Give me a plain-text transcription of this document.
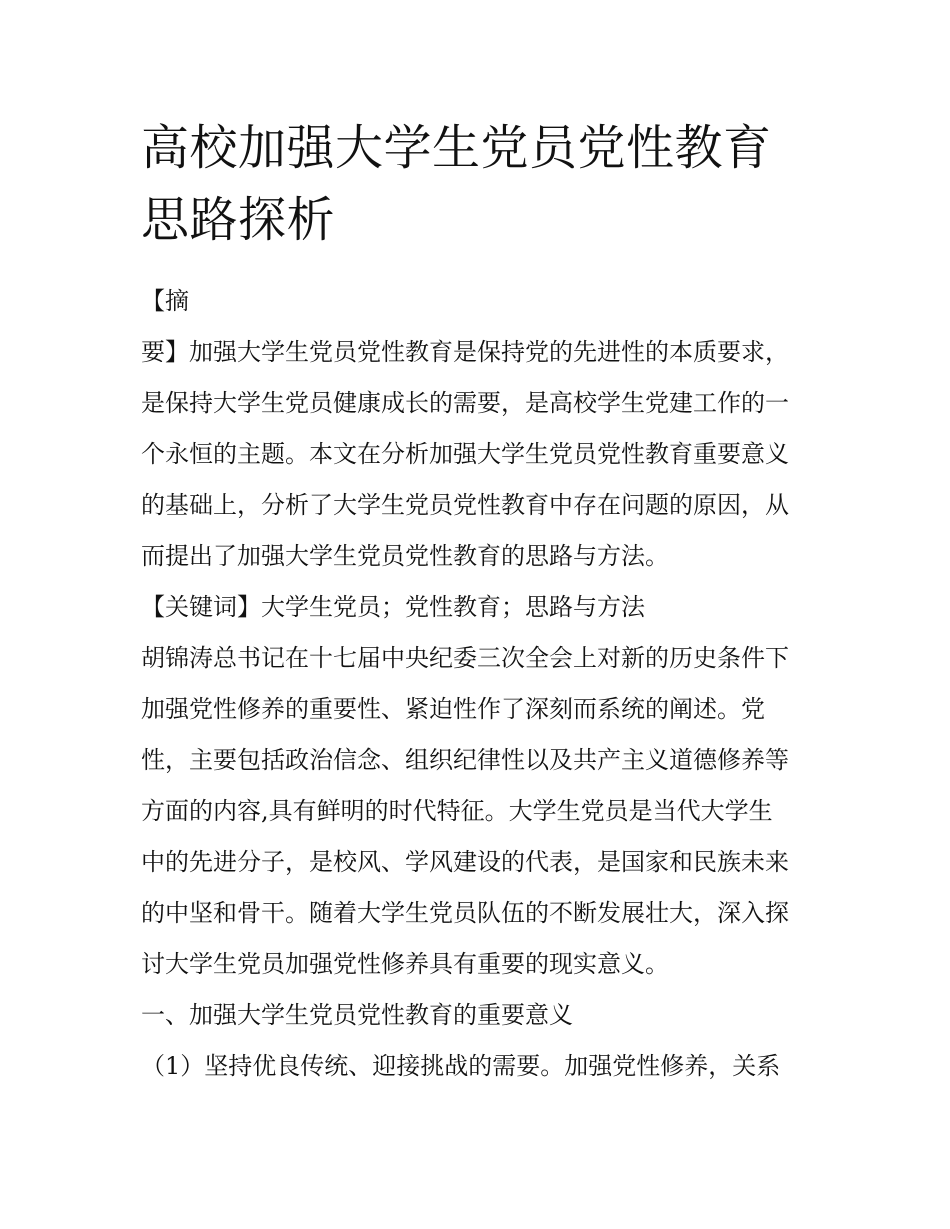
高校加强大学生党员党性教育
思路探析
【摘
要】加强大学生党员党性教育是保持党的先进性的本质要求，
是保持大学生党员健康成长的需要，是高校学生党建工作的一
个永恒的主题。本文在分析加强大学生党员党性教育重要意义
的基础上，分析了大学生党员党性教育中存在问题的原因，从
而提出了加强大学生党员党性教育的思路与方法。
【关键词】大学生党员；党性教育；思路与方法
胡锦涛总书记在十七届中央纪委三次全会上对新的历史条件下
加强党性修养的重要性、紧迫性作了深刻而系统的阐述。党
性，主要包括政治信念、组织纪律性以及共产主义道德修养等
方面的内容,具有鲜明的时代特征。大学生党员是当代大学生
中的先进分子，是校风、学风建设的代表，是国家和民族未来
的中坚和骨干。随着大学生党员队伍的不断发展壮大，深入探
讨大学生党员加强党性修养具有重要的现实意义。
一、加强大学生党员党性教育的重要意义
（1）坚持优良传统、迎接挑战的需要。加强党性修养，关系
